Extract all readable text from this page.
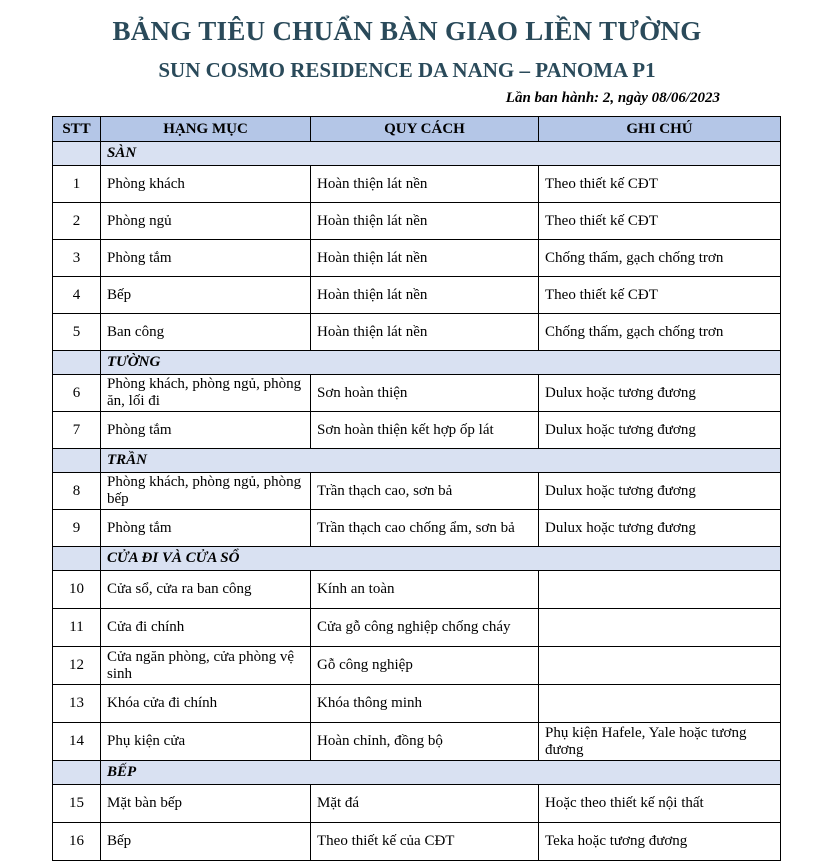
BẢNG TIÊU CHUẨN BÀN GIAO LIỀN TƯỜNG
SUN COSMO RESIDENCE DA NANG – PANOMA P1

Lần ban hành: 2, ngày 08/06/2023

STT	HẠNG MỤC	QUY CÁCH	GHI CHÚ
	SÀN		
1	Phòng khách	Hoàn thiện lát nền	Theo thiết kế CĐT
2	Phòng ngủ	Hoàn thiện lát nền	Theo thiết kế CĐT
3	Phòng tắm	Hoàn thiện lát nền	Chống thấm, gạch chống trơn
4	Bếp	Hoàn thiện lát nền	Theo thiết kế CĐT
5	Ban công	Hoàn thiện lát nền	Chống thấm, gạch chống trơn
	TƯỜNG		
6	Phòng khách, phòng ngủ, phòng ăn, lối đi	Sơn hoàn thiện	Dulux hoặc tương đương
7	Phòng tắm	Sơn hoàn thiện kết hợp ốp lát	Dulux hoặc tương đương
	TRẦN		
8	Phòng khách, phòng ngủ, phòng bếp	Trần thạch cao, sơn bả	Dulux hoặc tương đương
9	Phòng tắm	Trần thạch cao chống ẩm, sơn bả	Dulux hoặc tương đương
	CỬA ĐI VÀ CỬA SỔ		
10	Cửa sổ, cửa ra ban công	Kính an toàn	
11	Cửa đi chính	Cửa gỗ công nghiệp chống cháy	
12	Cửa ngăn phòng, cửa phòng vệ sinh	Gỗ công nghiệp	
13	Khóa cửa đi chính	Khóa thông minh	
14	Phụ kiện cửa	Hoàn chỉnh, đồng bộ	Phụ kiện Hafele, Yale hoặc tương đương
	BẾP		
15	Mặt bàn bếp	Mặt đá	Hoặc theo thiết kế nội thất
16	Bếp	Theo thiết kế của CĐT	Teka hoặc tương đương
